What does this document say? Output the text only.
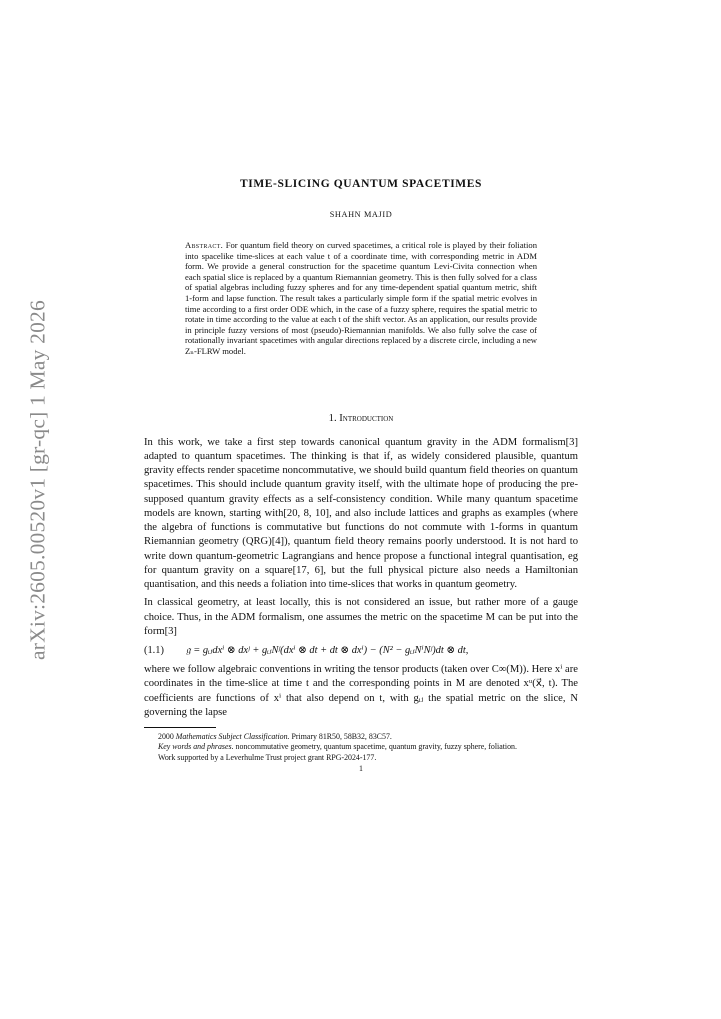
arXiv:2605.00520v1 [gr-qc] 1 May 2026
TIME-SLICING QUANTUM SPACETIMES
SHAHN MAJID
Abstract. For quantum field theory on curved spacetimes, a critical role is played by their foliation into spacelike time-slices at each value t of a coordinate time, with corresponding metric in ADM form. We provide a general construction for the spacetime quantum Levi-Civita connection when each spatial slice is replaced by a quantum Riemannian geometry. This is then fully solved for a class of spatial algebras including fuzzy spheres and for any time-dependent spatial quantum metric, shift 1-form and lapse function. The result takes a particularly simple form if the spatial metric evolves in time according to a first order ODE which, in the case of a fuzzy sphere, requires the spatial metric to rotate in time according to the value at each t of the shift vector. As an application, our results provide in principle fuzzy versions of most (pseudo)-Riemannian manifolds. We also fully solve the case of rotationally invariant spacetimes with angular directions replaced by a discrete circle, including a new Zₙ-FLRW model.
1. Introduction

In this work, we take a first step towards canonical quantum gravity in the ADM formalism[3] adapted to quantum spacetimes. The thinking is that if, as widely considered plausible, quantum gravity effects render spacetime noncommutative, we should build quantum field theories on quantum spacetimes. This should include quantum gravity itself, with the ultimate hope of producing the pre-supposed quantum gravity effects as a self-consistency condition. While many quantum spacetime models are known, starting with[20, 8, 10], and also include lattices and graphs as examples (where the algebra of functions is commutative but functions do not commute with 1-forms in quantum Riemannian geometry (QRG)[4]), quantum field theory remains poorly understood. It is not hard to write down quantum-geometric Lagrangians and hence propose a functional integral quantisation, eg for quantum gravity on a square[17, 6], but the full physical picture also needs a Hamiltonian quantisation, and this needs a foliation into time-slices that works in quantum geometry.

In classical geometry, at least locally, this is not considered an issue, but rather more of a gauge choice. Thus, in the ADM formalism, one assumes the metric on the spacetime M can be put into the form[3]

(1.1)	𝔤 = gᵢⱼdxⁱ ⊗ dxʲ + gᵢⱼNʲ(dxⁱ ⊗ dt + dt ⊗ dxⁱ) − (N² − gᵢⱼNⁱNʲ)dt ⊗ dt,

where we follow algebraic conventions in writing the tensor products (taken over C∞(M)). Here xⁱ are coordinates in the time-slice at time t and the corresponding points in M are denoted xᵘ(x⃗, t). The coefficients are functions of xⁱ that also depend on t, with gᵢⱼ the spatial metric on the slice, N governing the lapse

2000 Mathematics Subject Classification. Primary 81R50, 58B32, 83C57.

Key words and phrases. noncommutative geometry, quantum spacetime, quantum gravity, fuzzy sphere, foliation.

Work supported by a Leverhulme Trust project grant RPG-2024-177.

1
